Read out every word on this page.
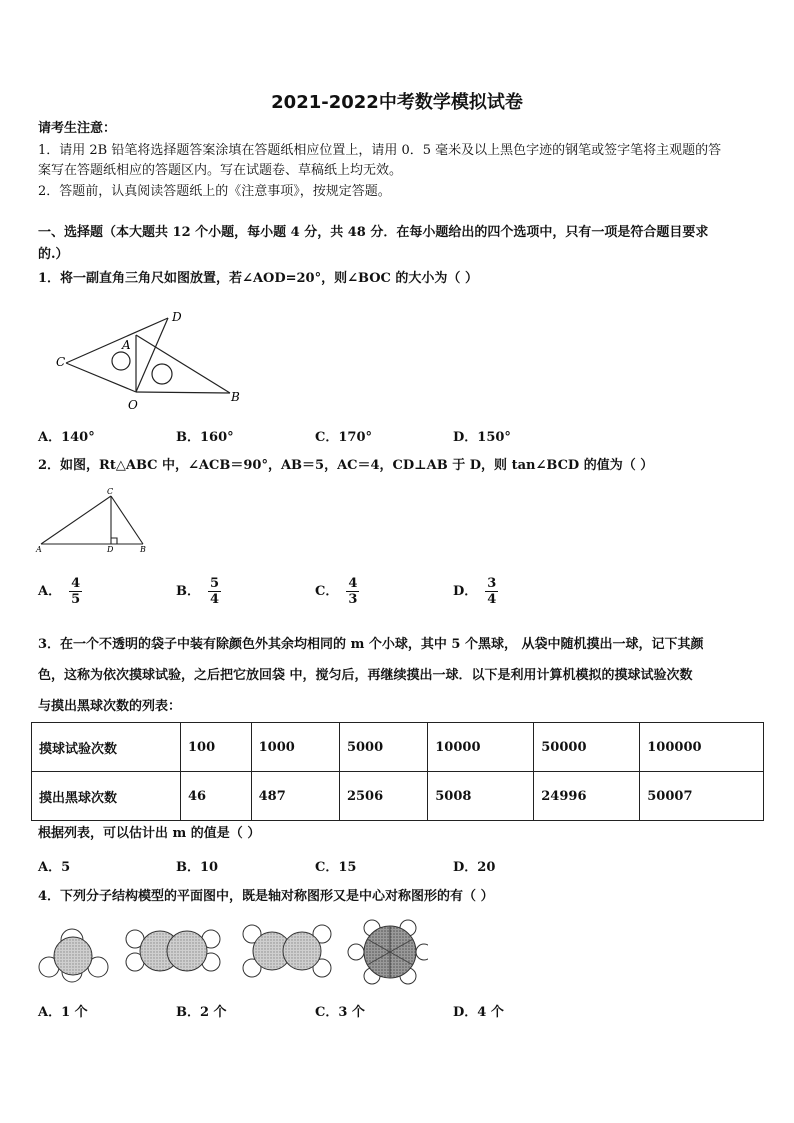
2021-2022中考数学模拟试卷
请考生注意：
1．请用 2B 铅笔将选择题答案涂填在答题纸相应位置上，请用 0．5 毫米及以上黑色字迹的钢笔或签字笔将主观题的答
案写在答题纸相应的答题区内。写在试题卷、草稿纸上均无效。
2．答题前，认真阅读答题纸上的《注意事项》，按规定答题。
一、选择题（本大题共 12 个小题，每小题 4 分，共 48 分．在每小题给出的四个选项中，只有一项是符合题目要求
的.）
1．将一副直角三角尺如图放置，若∠AOD=20°，则∠BOC 的大小为（ ）
C
D
A
O
B
A．140°	B．160°	C．170°	D．150°
2．如图，Rt△ABC 中，∠ACB＝90°，AB＝5，AC＝4，CD⊥AB 于 D，则 tan∠BCD 的值为（ ）
C
A	D	B
A． $\frac{4}{5}$	B． $\frac{5}{4}$	C． $\frac{4}{3}$	D． $\frac{3}{4}$
3．在一个不透明的袋子中装有除颜色外其余均相同的 m 个小球，其中 5 个黑球， 从袋中随机摸出一球，记下其颜
色，这称为依次摸球试验，之后把它放回袋 中，搅匀后，再继续摸出一球．以下是利用计算机模拟的摸球试验次数
与摸出黑球次数的列表：
摸球试验次数	100	1000	5000	10000	50000	100000
摸出黑球次数	46	487	2506	5008	24996	50007
根据列表，可以估计出 m 的值是（ ）
A．5	B．10	C．15	D．20
4．下列分子结构模型的平面图中，既是轴对称图形又是中心对称图形的有（ ）
A．1 个	B．2 个	C．3 个	D．4 个
